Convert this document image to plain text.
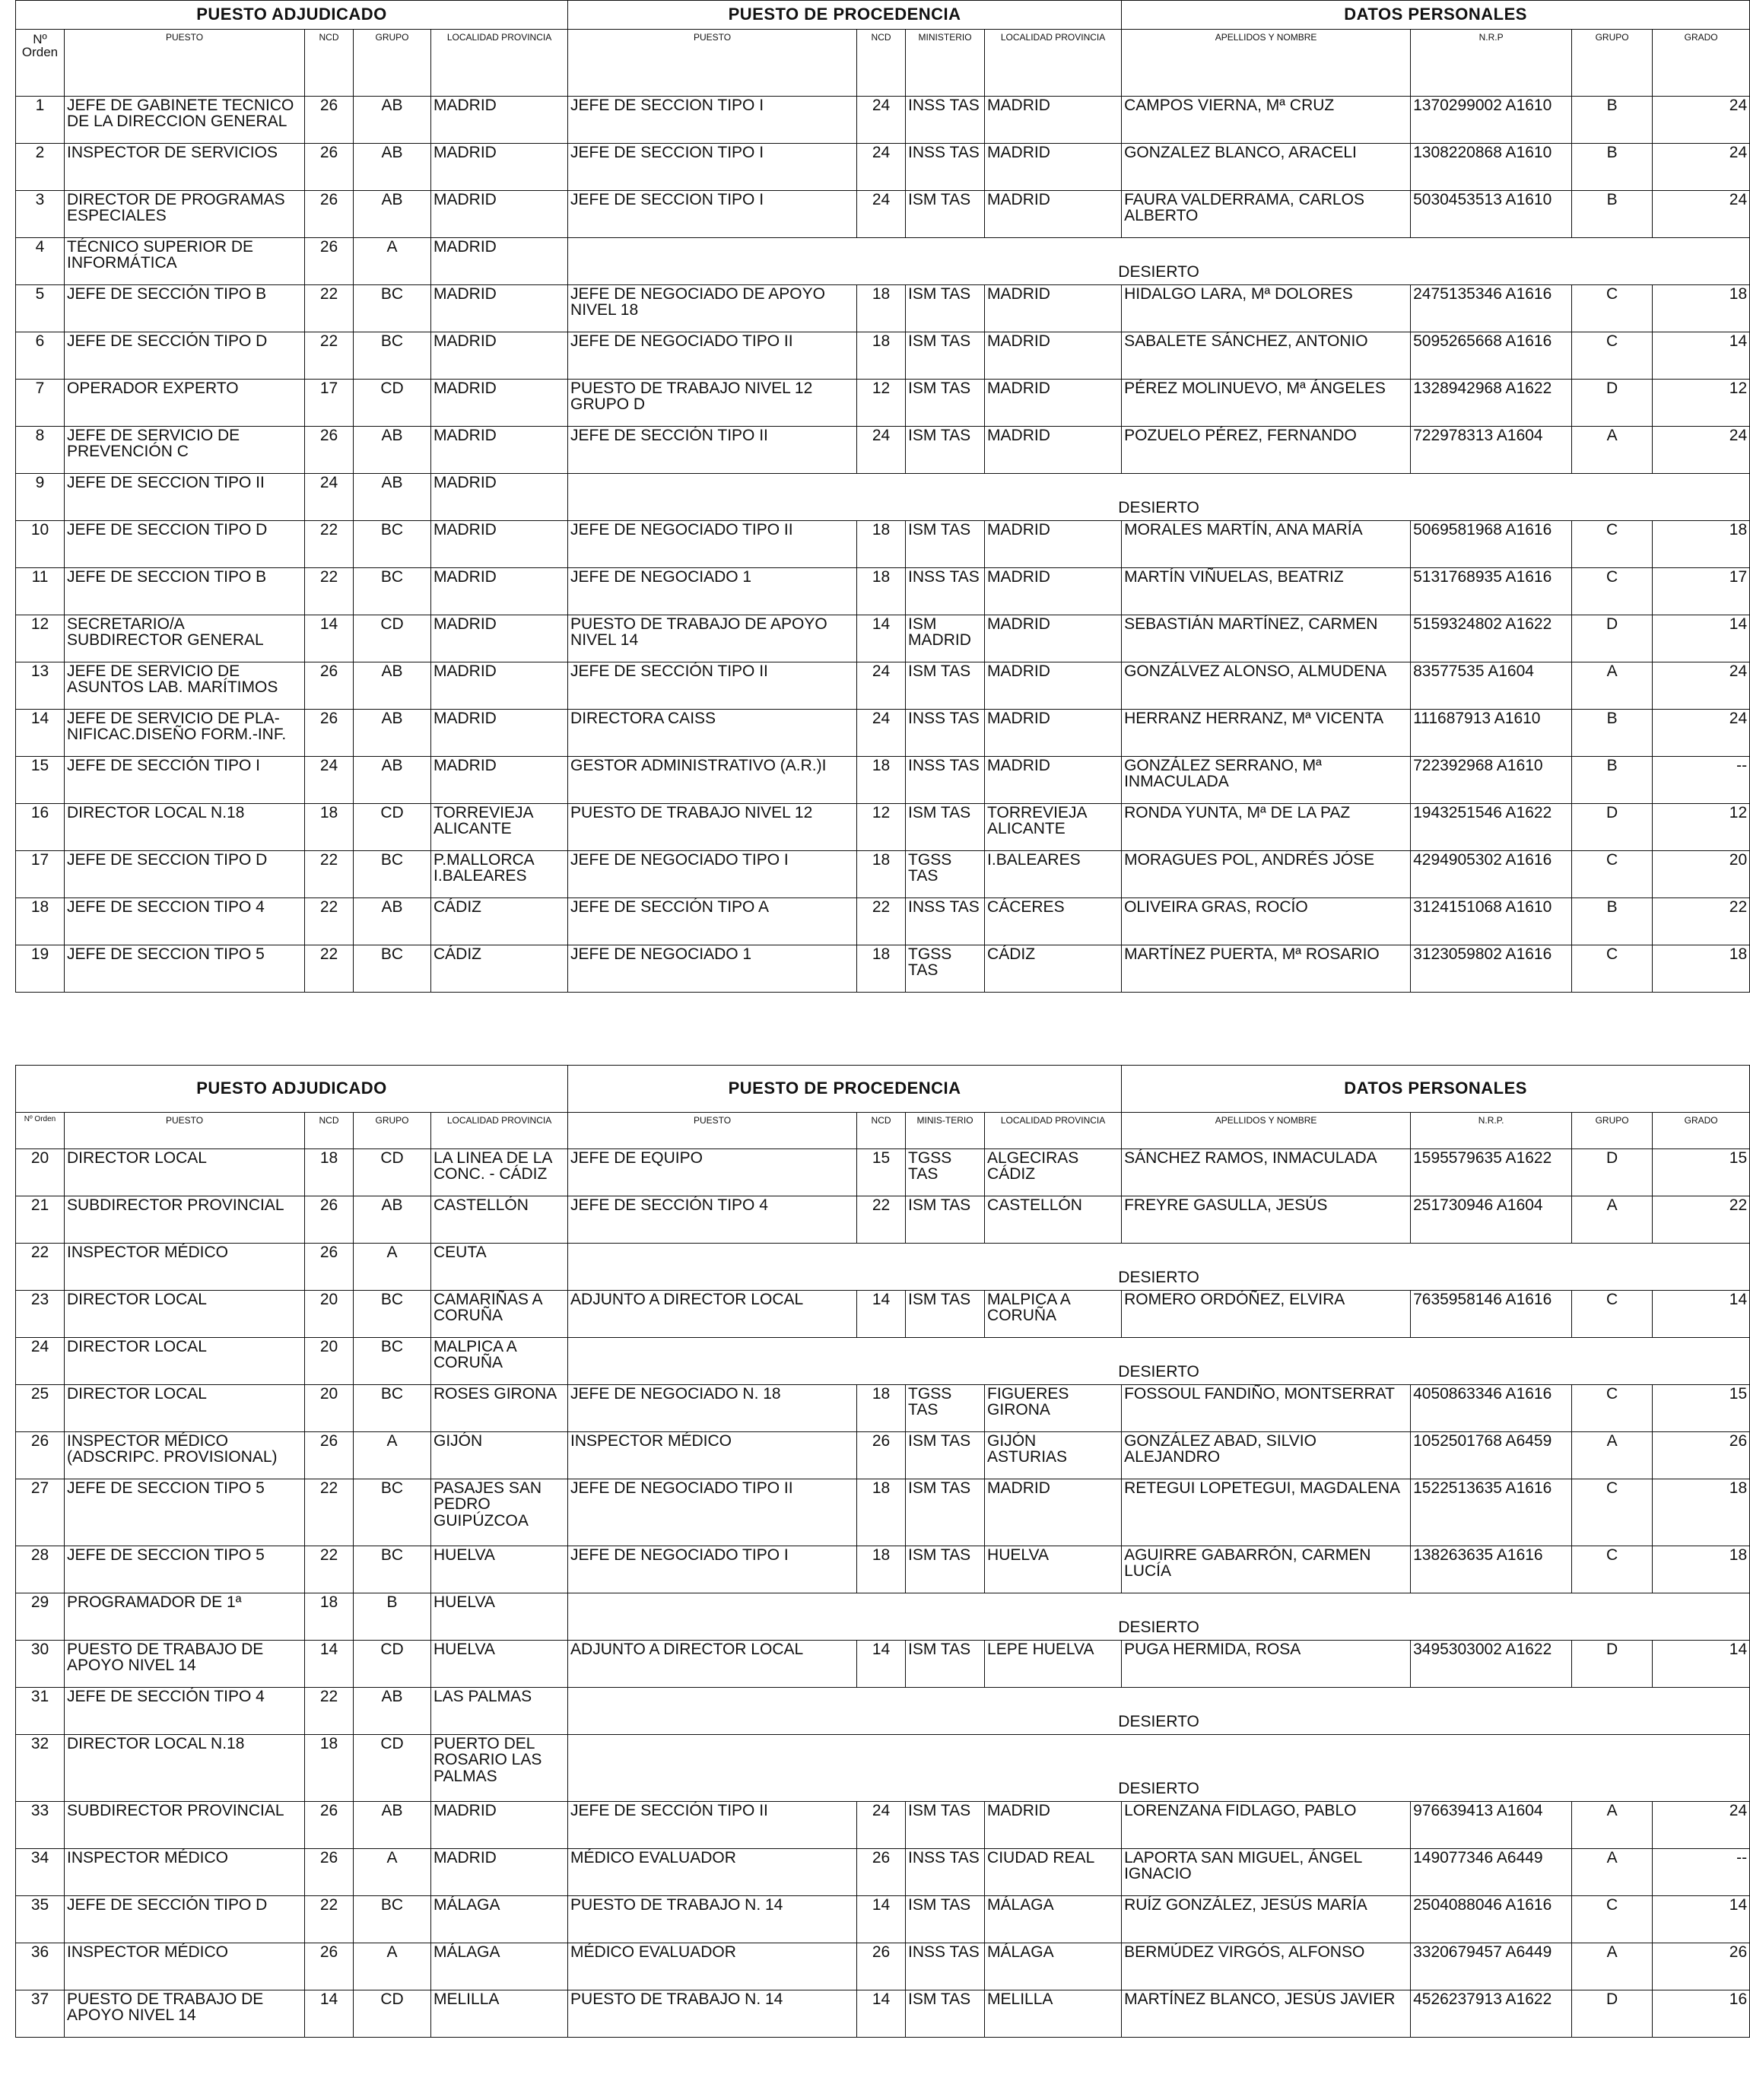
PUESTO ADJUDICADO					PUESTO DE PROCEDENCIA				DATOS PERSONALES			
Nº Orden	PUESTO	NCD	GRUPO	LOCALIDAD PROVINCIA	PUESTO	NCD	MINISTERIO	LOCALIDAD PROVINCIA	APELLIDOS Y NOMBRE	N.R.P	GRUPO	GRADO
1	JEFE DE GABINETE TECNICO DE LA DIRECCION GENERAL	26	AB	MADRID	JEFE DE SECCION TIPO I	24	INSS TAS	MADRID	CAMPOS VIERNA, Mª CRUZ	1370299002 A1610	B	24
2	INSPECTOR DE SERVICIOS	26	AB	MADRID	JEFE DE SECCION TIPO I	24	INSS TAS	MADRID	GONZALEZ BLANCO, ARACELI	1308220868 A1610	B	24
3	DIRECTOR DE PROGRAMAS ESPECIALES	26	AB	MADRID	JEFE DE SECCION TIPO I	24	ISM TAS	MADRID	FAURA VALDERRAMA, CARLOS ALBERTO	5030453513 A1610	B	24
4	TÉCNICO SUPERIOR DE INFORMÁTICA	26	A	MADRID	DESIERTO							
5	JEFE DE SECCIÓN TIPO B	22	BC	MADRID	JEFE DE NEGOCIADO DE APOYO NIVEL 18	18	ISM TAS	MADRID	HIDALGO LARA, Mª DOLORES	2475135346 A1616	C	18
6	JEFE DE SECCIÓN TIPO D	22	BC	MADRID	JEFE DE NEGOCIADO TIPO II	18	ISM TAS	MADRID	SABALETE SÁNCHEZ, ANTONIO	5095265668 A1616	C	14
7	OPERADOR EXPERTO	17	CD	MADRID	PUESTO DE TRABAJO NIVEL 12 GRUPO D	12	ISM TAS	MADRID	PÉREZ MOLINUEVO, Mª ÁNGELES	1328942968 A1622	D	12
8	JEFE DE SERVICIO DE PREVENCIÓN C	26	AB	MADRID	JEFE DE SECCIÓN TIPO II	24	ISM TAS	MADRID	POZUELO PÉREZ, FERNANDO	722978313 A1604	A	24
9	JEFE DE SECCION TIPO II	24	AB	MADRID	DESIERTO							
10	JEFE DE SECCION TIPO D	22	BC	MADRID	JEFE DE NEGOCIADO TIPO II	18	ISM TAS	MADRID	MORALES MARTÍN, ANA MARÍA	5069581968 A1616	C	18
11	JEFE DE SECCION TIPO B	22	BC	MADRID	JEFE DE NEGOCIADO 1	18	INSS TAS	MADRID	MARTÍN VIÑUELAS, BEATRIZ	5131768935 A1616	C	17
12	SECRETARIO/A SUBDIRECTOR GENERAL	14	CD	MADRID	PUESTO DE TRABAJO DE APOYO NIVEL 14	14	ISM MADRID	MADRID	SEBASTIÁN MARTÍNEZ, CARMEN	5159324802 A1622	D	14
13	JEFE DE SERVICIO DE ASUNTOS LAB. MARÍTIMOS	26	AB	MADRID	JEFE DE SECCIÓN TIPO II	24	ISM TAS	MADRID	GONZÁLVEZ ALONSO, ALMUDENA	83577535 A1604	A	24
14	JEFE DE SERVICIO DE PLA-NIFICAC.DISEÑO FORM.-INF.	26	AB	MADRID	DIRECTORA CAISS	24	INSS TAS	MADRID	HERRANZ HERRANZ, Mª VICENTA	111687913 A1610	B	24
15	JEFE DE SECCIÓN TIPO I	24	AB	MADRID	GESTOR ADMINISTRATIVO (A.R.)I	18	INSS TAS	MADRID	GONZÁLEZ SERRANO, Mª INMACULADA	722392968 A1610	B	--
16	DIRECTOR LOCAL N.18	18	CD	TORREVIEJA ALICANTE	PUESTO DE TRABAJO NIVEL 12	12	ISM TAS	TORREVIEJA ALICANTE	RONDA YUNTA, Mª DE LA PAZ	1943251546 A1622	D	12
17	JEFE DE SECCION TIPO D	22	BC	P.MALLORCA I.BALEARES	JEFE DE NEGOCIADO TIPO I	18	TGSS TAS	I.BALEARES	MORAGUES POL, ANDRÉS JÓSE	4294905302 A1616	C	20
18	JEFE DE SECCION TIPO 4	22	AB	CÁDIZ	JEFE DE SECCIÓN TIPO A	22	INSS TAS	CÁCERES	OLIVEIRA GRAS, ROCÍO	3124151068 A1610	B	22
19	JEFE DE SECCION TIPO 5	22	BC	CÁDIZ	JEFE DE NEGOCIADO 1	18	TGSS TAS	CÁDIZ	MARTÍNEZ PUERTA, Mª ROSARIO	3123059802 A1616	C	18
PUESTO ADJUDICADO					PUESTO DE PROCEDENCIA				DATOS PERSONALES			
Nº Orden	PUESTO	NCD	GRUPO	LOCALIDAD PROVINCIA	PUESTO	NCD	MINIS-TERIO	LOCALIDAD PROVINCIA	APELLIDOS Y NOMBRE	N.R.P.	GRUPO	GRADO
20	DIRECTOR LOCAL	18	CD	LA LINEA DE LA CONC. - CÁDIZ	JEFE DE EQUIPO	15	TGSS TAS	ALGECIRAS CÁDIZ	SÁNCHEZ RAMOS, INMACULADA	1595579635 A1622	D	15
21	SUBDIRECTOR PROVINCIAL	26	AB	CASTELLÓN	JEFE DE SECCIÓN TIPO 4	22	ISM TAS	CASTELLÓN	FREYRE GASULLA, JESÚS	251730946 A1604	A	22
22	INSPECTOR MÉDICO	26	A	CEUTA	DESIERTO							
23	DIRECTOR LOCAL	20	BC	CAMARIÑAS A CORUÑA	ADJUNTO A DIRECTOR LOCAL	14	ISM TAS	MALPICA A CORUÑA	ROMERO ORDÓÑEZ, ELVIRA	7635958146 A1616	C	14
24	DIRECTOR LOCAL	20	BC	MALPICA A CORUÑA	DESIERTO							
25	DIRECTOR LOCAL	20	BC	ROSES GIRONA	JEFE DE NEGOCIADO N. 18	18	TGSS TAS	FIGUERES GIRONA	FOSSOUL FANDIÑO, MONTSERRAT	4050863346 A1616	C	15
26	INSPECTOR MÉDICO (ADSCRIPC. PROVISIONAL)	26	A	GIJÓN	INSPECTOR MÉDICO	26	ISM TAS	GIJÓN ASTURIAS	GONZÁLEZ ABAD, SILVIO ALEJANDRO	1052501768 A6459	A	26
27	JEFE DE SECCION TIPO 5	22	BC	PASAJES SAN PEDRO GUIPÚZCOA	JEFE DE NEGOCIADO TIPO II	18	ISM TAS	MADRID	RETEGUI LOPETEGUI, MAGDALENA	1522513635 A1616	C	18
28	JEFE DE SECCION TIPO 5	22	BC	HUELVA	JEFE DE NEGOCIADO TIPO I	18	ISM TAS	HUELVA	AGUIRRE GABARRÓN, CARMEN LUCÍA	138263635 A1616	C	18
29	PROGRAMADOR DE 1ª	18	B	HUELVA	DESIERTO							
30	PUESTO DE TRABAJO DE APOYO NIVEL 14	14	CD	HUELVA	ADJUNTO A DIRECTOR LOCAL	14	ISM TAS	LEPE HUELVA	PUGA HERMIDA, ROSA	3495303002 A1622	D	14
31	JEFE DE SECCIÓN TIPO 4	22	AB	LAS PALMAS	DESIERTO							
32	DIRECTOR LOCAL N.18	18	CD	PUERTO DEL ROSARIO LAS PALMAS	DESIERTO							
33	SUBDIRECTOR PROVINCIAL	26	AB	MADRID	JEFE DE SECCIÓN TIPO II	24	ISM TAS	MADRID	LORENZANA FIDLAGO, PABLO	976639413 A1604	A	24
34	INSPECTOR MÉDICO	26	A	MADRID	MÉDICO EVALUADOR	26	INSS TAS	CIUDAD REAL	LAPORTA SAN MIGUEL, ÁNGEL IGNACIO	149077346 A6449	A	--
35	JEFE DE SECCIÓN TIPO D	22	BC	MÁLAGA	PUESTO DE TRABAJO N. 14	14	ISM TAS	MÁLAGA	RUÍZ GONZÁLEZ, JESÚS MARÍA	2504088046 A1616	C	14
36	INSPECTOR MÉDICO	26	A	MÁLAGA	MÉDICO EVALUADOR	26	INSS TAS	MÁLAGA	BERMÚDEZ VIRGÓS, ALFONSO	3320679457 A6449	A	26
37	PUESTO DE TRABAJO DE APOYO NIVEL 14	14	CD	MELILLA	PUESTO DE TRABAJO N. 14	14	ISM TAS	MELILLA	MARTÍNEZ BLANCO, JESÚS JAVIER	4526237913 A1622	D	16
